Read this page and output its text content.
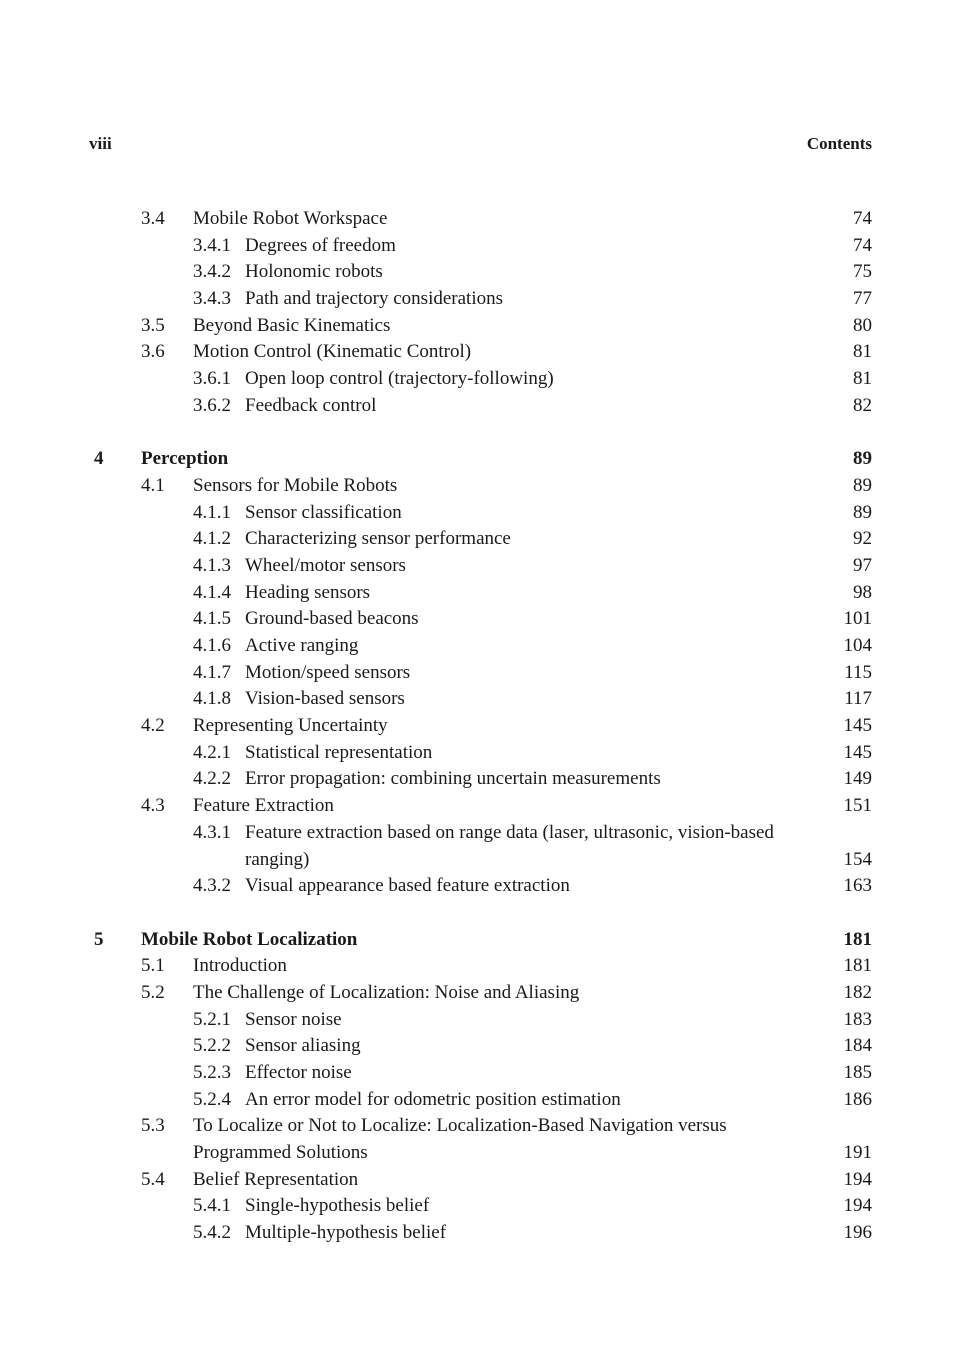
viii	Contents
3.4 Mobile Robot Workspace	74
3.4.1 Degrees of freedom	74
3.4.2 Holonomic robots	75
3.4.3 Path and trajectory considerations	77
3.5 Beyond Basic Kinematics	80
3.6 Motion Control (Kinematic Control)	81
3.6.1 Open loop control (trajectory-following)	81
3.6.2 Feedback control	82
4 Perception	89
4.1 Sensors for Mobile Robots	89
4.1.1 Sensor classification	89
4.1.2 Characterizing sensor performance	92
4.1.3 Wheel/motor sensors	97
4.1.4 Heading sensors	98
4.1.5 Ground-based beacons	101
4.1.6 Active ranging	104
4.1.7 Motion/speed sensors	115
4.1.8 Vision-based sensors	117
4.2 Representing Uncertainty	145
4.2.1 Statistical representation	145
4.2.2 Error propagation: combining uncertain measurements	149
4.3 Feature Extraction	151
4.3.1 Feature extraction based on range data (laser, ultrasonic, vision-based
ranging)	154
4.3.2 Visual appearance based feature extraction	163
5 Mobile Robot Localization	181
5.1 Introduction	181
5.2 The Challenge of Localization: Noise and Aliasing	182
5.2.1 Sensor noise	183
5.2.2 Sensor aliasing	184
5.2.3 Effector noise	185
5.2.4 An error model for odometric position estimation	186
5.3 To Localize or Not to Localize: Localization-Based Navigation versus
Programmed Solutions	191
5.4 Belief Representation	194
5.4.1 Single-hypothesis belief	194
5.4.2 Multiple-hypothesis belief	196
